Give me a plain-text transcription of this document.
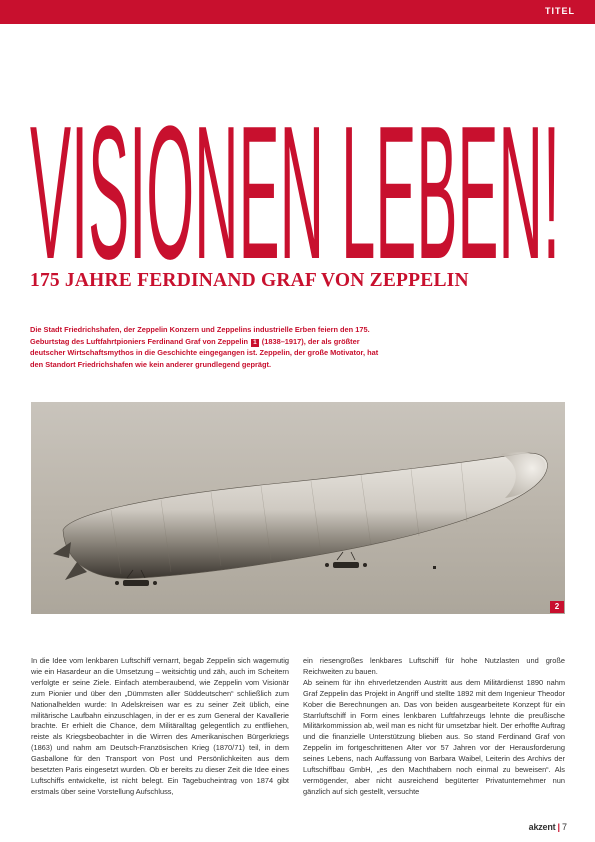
TITEL
VISIONEN LEBEN!
175 JAHRE FERDINAND GRAF VON ZEPPELIN
Die Stadt Friedrichshafen, der Zeppelin Konzern und Zeppelins industrielle Erben feiern den 175. Geburtstag des Luftfahrtpioniers Ferdinand Graf von Zeppelin 1 (1838–1917), der als größter deutscher Wirtschaftsmythos in die Geschichte eingegangen ist. Zeppelin, der große Motivator, hat den Standort Friedrichshafen wie kein anderer grundlegend geprägt.
2

In die Idee vom lenkbaren Luftschiff vernarrt, begab Zeppelin sich wagemutig wie ein Hasardeur an die Umsetzung – weitsichtig und zäh, auch im Scheitern verfolgte er seine Ziele. Einfach atemberaubend, wie Zeppelin vom Visionär zum Pionier und über den „Dümmsten aller Süddeutschen“ schließlich zum Nationalhelden wurde: In Adelskreisen war es zu seiner Zeit üblich, eine militärische Laufbahn einzuschlagen, in der er es zum General der Kavallerie brachte. Er erhielt die Chance, dem Militäralltag gelegentlich zu entfliehen, reiste als Kriegsbeobachter in die Wirren des Amerikanischen Bürgerkriegs (1863) und nahm am Deutsch-Französischen Krieg (1870/71) teil, in dem Gasballone für den Transport von Post und Persönlichkeiten aus dem besetzten Paris eingesetzt wurden. Ob er bereits zu dieser Zeit die Idee eines Luftschiffs entwickelte, ist nicht belegt. Ein Tagebucheintrag von 1874 gibt erstmals über seine Vorstellung Aufschluss,

ein riesengroßes lenkbares Luftschiff für hohe Nutzlasten und große Reichweiten zu bauen.

Ab seinem für ihn ehrverletzenden Austritt aus dem Militärdienst 1890 nahm Graf Zeppelin das Projekt in Angriff und stellte 1892 mit dem Ingenieur Theodor Kober die Berechnungen an. Das von beiden ausgearbeitete Konzept für ein Starrluftschiff in Form eines lenkbaren Luftfahrzeugs lehnte die preußische Militärkommission ab, weil man es nicht für umsetzbar hielt. Der erhoffte Auftrag und die finanzielle Unterstützung blieben aus. So stand Ferdinand Graf von Zeppelin im fortgeschrittenen Alter vor 57 Jahren vor der Herausforderung seines Lebens, nach Auffassung von Barbara Waibel, Leiterin des Archivs der Luftschiffbau GmbH, „es den Machthabern noch einmal zu beweisen“. Als vermögender, aber nicht ausreichend begüterter Privatunternehmer nun gänzlich auf sich gestellt, versuchte

akzent | 7
